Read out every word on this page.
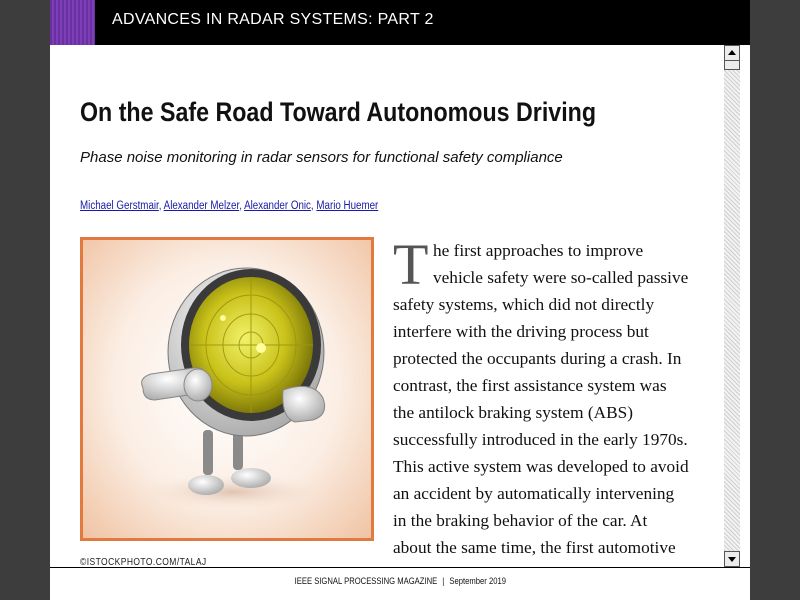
ADVANCES IN RADAR SYSTEMS: PART 2
On the Safe Road Toward Autonomous Driving
Phase noise monitoring in radar sensors for functional safety compliance
Michael Gerstmair, Alexander Melzer, Alexander Onic, Mario Huemer
©ISTOCKPHOTO.COM/TALAJ
T he first approaches to improve
vehicle safety were so-called passive
safety systems, which did not directly
interfere with the driving process but
protected the occupants during a crash. In
contrast, the first assistance system was
the antilock braking system (ABS)
successfully introduced in the early 1970s.
This active system was developed to avoid
an accident by automatically intervening
in the braking behavior of the car. At
about the same time, the first automotive
IEEE SIGNAL PROCESSING MAGAZINE | September 2019
